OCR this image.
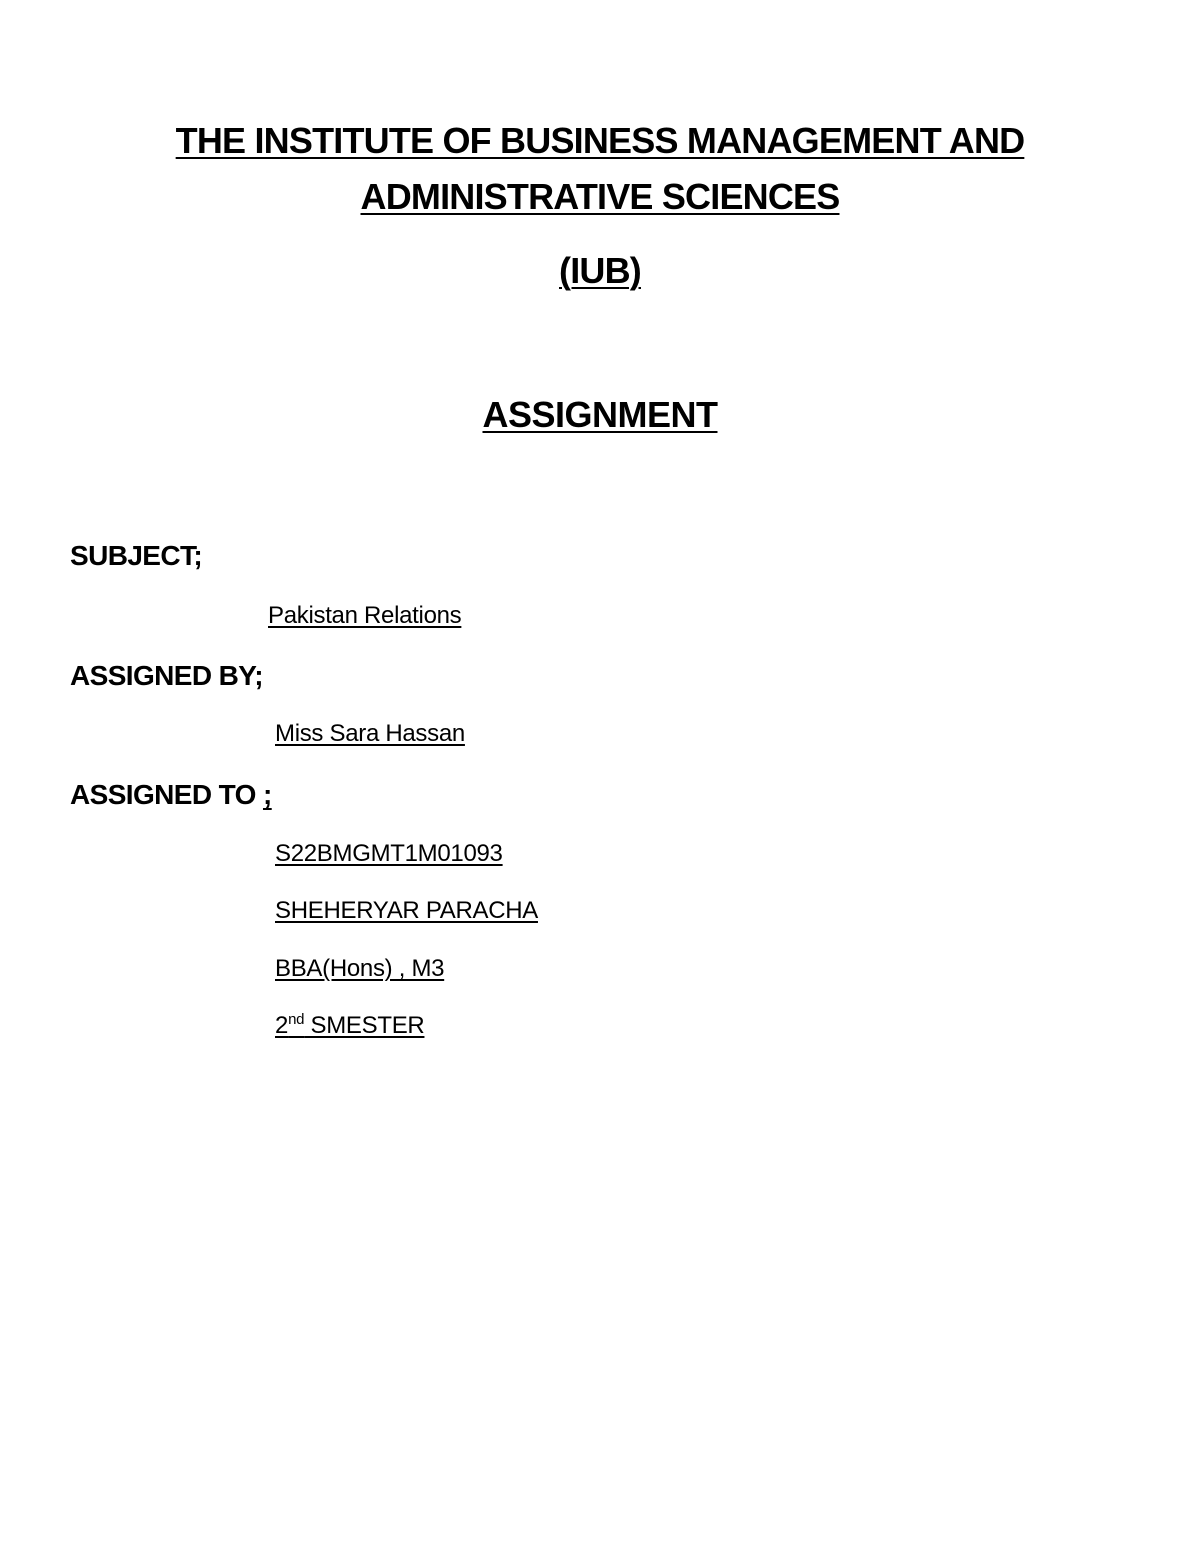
THE INSTITUTE OF BUSINESS MANAGEMENT AND
ADMINISTRATIVE SCIENCES
(IUB)
ASSIGNMENT
SUBJECT;
Pakistan Relations
ASSIGNED BY;
Miss Sara Hassan
ASSIGNED TO ;
S22BMGMT1M01093
SHEHERYAR PARACHA
BBA(Hons) , M3
2nd SMESTER
